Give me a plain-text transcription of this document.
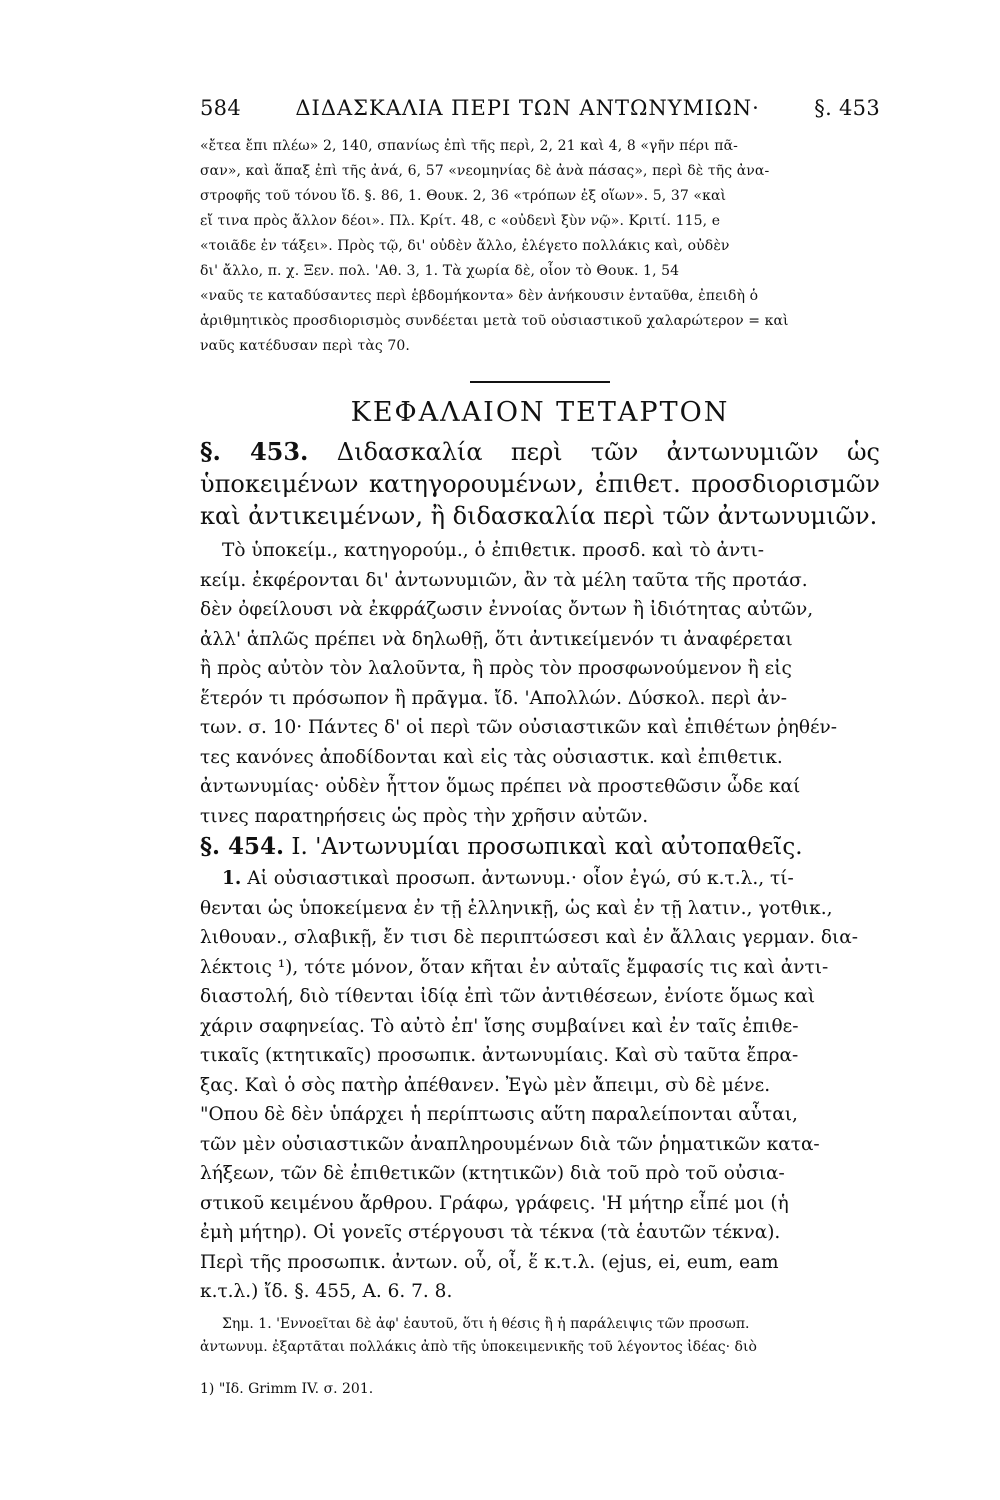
584	ΔΙΔΑΣΚΑΛΙΑ ΠΕΡΙ ΤΩΝ ΑΝΤΩΝΥΜΙΩΝ·	§. 453
«ἔτεα ἔπι πλέω» 2, 140, σπανίως ἐπὶ τῆς περὶ, 2, 21 καὶ 4, 8 «γῆν πέρι πᾶ-
σαν», καὶ ἅπαξ ἐπὶ τῆς ἀνά, 6, 57 «νεομηνίας δὲ ἀνὰ πάσας», περὶ δὲ τῆς ἀνα-
στροφῆς τοῦ τόνου ἴδ. §. 86, 1. Θουκ. 2, 36 «τρόπων ἐξ οἵων». 5, 37 «καὶ
εἴ τινα πρὸς ἄλλον δέοι». Πλ. Κρίτ. 48, c «οὐδενὶ ξὺν νῷ». Κριτί. 115, e
«τοιᾶδε ἐν τάξει». Πρὸς τῷ, δι' οὐδὲν ἄλλο, ἐλέγετο πολλάκις καὶ, οὐδὲν
δι' ἄλλο, π. χ. Ξεν. πολ. 'Αθ. 3, 1. Τὰ χωρία δὲ, οἷον τὸ Θουκ. 1, 54
«ναῦς τε καταδύσαντες περὶ ἑβδομήκοντα» δὲν ἀνήκουσιν ἐνταῦθα, ἐπειδὴ ὁ
ἀριθμητικὸς προσδιορισμὸς συνδέεται μετὰ τοῦ οὐσιαστικοῦ χαλαρώτερον = καὶ
ναῦς κατέδυσαν περὶ τὰς 70.
ΚΕΦΑΛΑΙΟΝ ΤΕΤΑΡΤΟΝ
§. 453. Διδασκαλία περὶ τῶν ἀντωνυμιῶν ὡς ὑποκειμένων κατηγορουμένων, ἐπιθετ. προσδιορισμῶν καὶ ἀντικειμένων, ἢ διδασκαλία περὶ τῶν ἀντωνυμιῶν.
Τὸ ὑποκείμ., κατηγορούμ., ὁ ἐπιθετικ. προσδ. καὶ τὸ ἀντι-
κείμ. ἐκφέρονται δι' ἀντωνυμιῶν, ἂν τὰ μέλη ταῦτα τῆς προτάσ.
δὲν ὀφείλουσι νὰ ἐκφράζωσιν ἐννοίας ὄντων ἢ ἰδιότητας αὐτῶν,
ἀλλ' ἁπλῶς πρέπει νὰ δηλωθῇ, ὅτι ἀντικείμενόν τι ἀναφέρεται
ἢ πρὸς αὐτὸν τὸν λαλοῦντα, ἢ πρὸς τὸν προσφωνούμενον ἢ εἰς
ἕτερόν τι πρόσωπον ἢ πρᾶγμα. ἴδ. 'Απολλών. Δύσκολ. περὶ ἀν-
των. σ. 10· Πάντες δ' οἱ περὶ τῶν οὐσιαστικῶν καὶ ἐπιθέτων ῥηθέν-
τες κανόνες ἀποδίδονται καὶ εἰς τὰς οὐσιαστικ. καὶ ἐπιθετικ.
ἀντωνυμίας· οὐδὲν ἧττον ὅμως πρέπει νὰ προστεθῶσιν ὧδε καί
τινες παρατηρήσεις ὡς πρὸς τὴν χρῆσιν αὐτῶν.
§. 454. Ι. 'Αντωνυμίαι προσωπικαὶ καὶ αὐτοπαθεῖς.
1. Αἱ οὐσιαστικαὶ προσωπ. ἀντωνυμ.· οἷον ἐγώ, σύ κ.τ.λ., τί-
θενται ὡς ὑποκείμενα ἐν τῇ ἑλληνικῇ, ὡς καὶ ἐν τῇ λατιν., γοτθικ.,
λιθουαν., σλαβικῇ, ἔν τισι δὲ περιπτώσεσι καὶ ἐν ἄλλαις γερμαν. δια-
λέκτοις ¹), τότε μόνον, ὅταν κῆται ἐν αὐταῖς ἔμφασίς τις καὶ ἀντι-
διαστολή, διὸ τίθενται ἰδίᾳ ἐπὶ τῶν ἀντιθέσεων, ἐνίοτε ὅμως καὶ
χάριν σαφηνείας. Τὸ αὐτὸ ἐπ' ἴσης συμβαίνει καὶ ἐν ταῖς ἐπιθε-
τικαῖς (κτητικαῖς) προσωπικ. ἀντωνυμίαις. Καὶ σὺ ταῦτα ἔπρα-
ξας. Καὶ ὁ σὸς πατὴρ ἀπέθανεν. Ἐγὼ μὲν ἄπειμι, σὺ δὲ μένε.
"Οπου δὲ δὲν ὑπάρχει ἡ περίπτωσις αὕτη παραλείπονται αὗται,
τῶν μὲν οὐσιαστικῶν ἀναπληρουμένων διὰ τῶν ῥηματικῶν κατα-
λήξεων, τῶν δὲ ἐπιθετικῶν (κτητικῶν) διὰ τοῦ πρὸ τοῦ οὐσια-
στικοῦ κειμένου ἄρθρου. Γράφω, γράφεις. 'Η μήτηρ εἶπέ μοι (ἡ
ἐμὴ μήτηρ). Οἱ γονεῖς στέργουσι τὰ τέκνα (τὰ ἑαυτῶν τέκνα).
Περὶ τῆς προσωπικ. ἀντων. οὗ, οἷ, ἕ κ.τ.λ. (ejus, ei, eum, eam
κ.τ.λ.) ἴδ. §. 455, Α. 6. 7. 8.
Σημ. 1. 'Εννοεῖται δὲ ἀφ' ἑαυτοῦ, ὅτι ἡ θέσις ἢ ἡ παράλειψις τῶν προσωπ.
ἀντωνυμ. ἐξαρτᾶται πολλάκις ἀπὸ τῆς ὑποκειμενικῆς τοῦ λέγοντος ἰδέας· διὸ
1) "Ιδ. Grimm IV. σ. 201.
